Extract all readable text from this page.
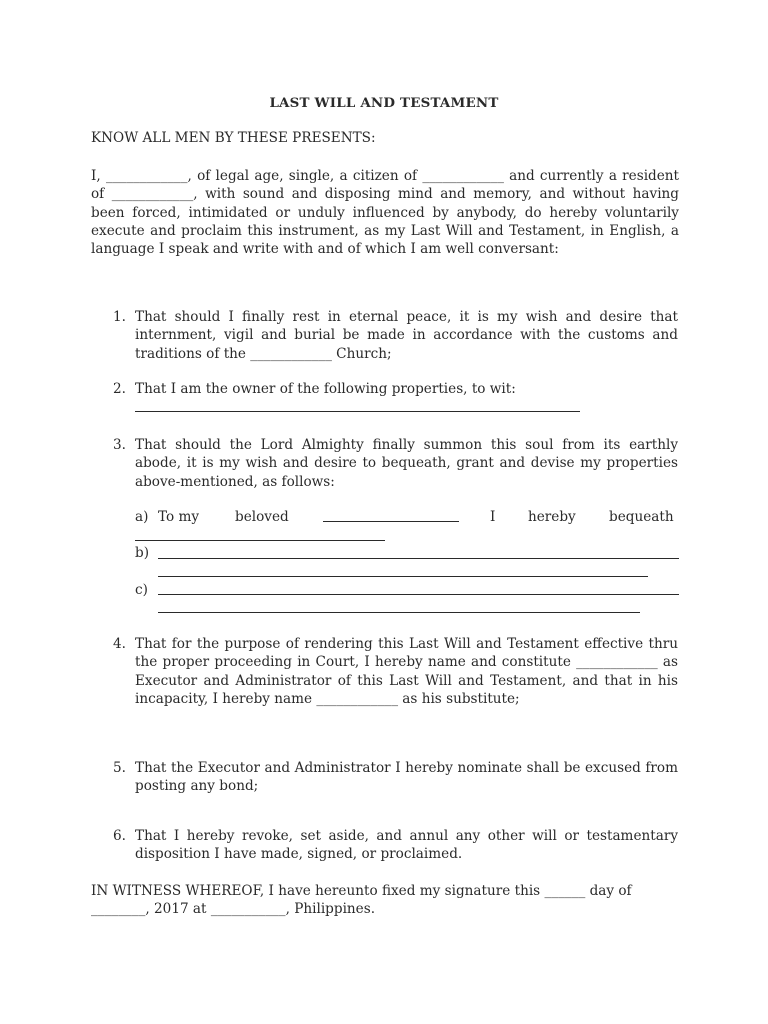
LAST WILL AND TESTAMENT
KNOW ALL MEN BY THESE PRESENTS:
I, ____________, of legal age, single, a citizen of ____________ and currently a resident of ____________, with sound and disposing mind and memory, and without having been forced, intimidated or unduly influenced by anybody, do hereby voluntarily execute and proclaim this instrument, as my Last Will and Testament, in English, a language I speak and write with and of which I am well conversant:
1. That should I finally rest in eternal peace, it is my wish and desire that internment, vigil and burial be made in accordance with the customs and traditions of the ____________ Church;
2. That I am the owner of the following properties, to wit:
3. That should the Lord Almighty finally summon this soul from its earthly abode, it is my wish and desire to bequeath, grant and devise my properties above-mentioned, as follows:
a) To my	beloved	I hereby bequeath
b)
c)
4. That for the purpose of rendering this Last Will and Testament effective thru the proper proceeding in Court, I hereby name and constitute ____________ as Executor and Administrator of this Last Will and Testament, and that in his incapacity, I hereby name ____________ as his substitute;
5. That the Executor and Administrator I hereby nominate shall be excused from posting any bond;
6. That I hereby revoke, set aside, and annul any other will or testamentary disposition I have made, signed, or proclaimed.
IN WITNESS WHEREOF, I have hereunto fixed my signature this ______ day of ________, 2017 at ___________, Philippines.
